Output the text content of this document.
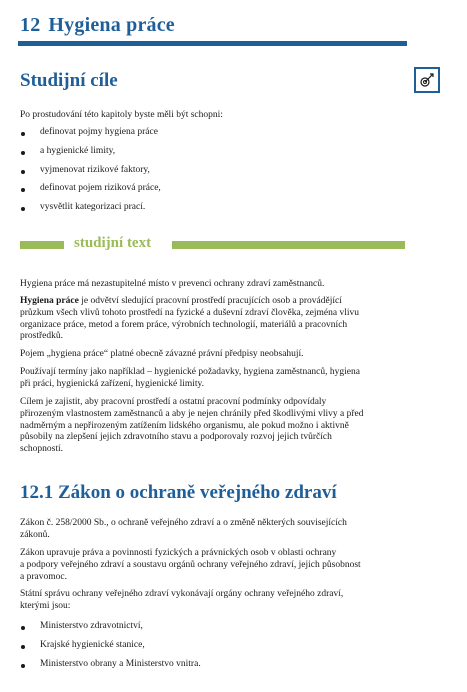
12 Hygiena práce
Studijní cíle
Po prostudování této kapitoly byste měli být schopni:
definovat pojmy hygiena práce
a hygienické limity,
vyjmenovat rizikové faktory,
definovat pojem riziková práce,
vysvětlit kategorizaci prací.
studijní text
Hygiena práce má nezastupitelné místo v prevenci ochrany zdraví zaměstnanců.
Hygiena práce je odvětví sledující pracovní prostředí pracujících osob a provádějící
průzkum všech vlivů tohoto prostředí na fyzické a duševní zdraví člověka, zejména vlivu
organizace práce, metod a forem práce, výrobních technologií, materiálů a pracovních
prostředků.
Pojem „hygiena práce“ platné obecně závazné právní předpisy neobsahují.
Používají termíny jako například – hygienické požadavky, hygiena zaměstnanců, hygiena
při práci, hygienická zařízení, hygienické limity.
Cílem je zajistit, aby pracovní prostředí a ostatní pracovní podmínky odpovídaly
přirozeným vlastnostem zaměstnanců a aby je nejen chránily před škodlivými vlivy a před
nadměrným a nepřirozeným zatížením lidského organismu, ale pokud možno i aktivně
působily na zlepšení jejich zdravotního stavu a podporovaly rozvoj jejich tvůrčích
schopností.
12.1 Zákon o ochraně veřejného zdraví
Zákon č. 258/2000 Sb., o ochraně veřejného zdraví a o změně některých souvisejících
zákonů.
Zákon upravuje práva a povinnosti fyzických a právnických osob v oblasti ochrany
a podpory veřejného zdraví a soustavu orgánů ochrany veřejného zdraví, jejich působnost
a pravomoc.
Státní správu ochrany veřejného zdraví vykonávají orgány ochrany veřejného zdraví,
kterými jsou:
Ministerstvo zdravotnictví,
Krajské hygienické stanice,
Ministerstvo obrany a Ministerstvo vnitra.
